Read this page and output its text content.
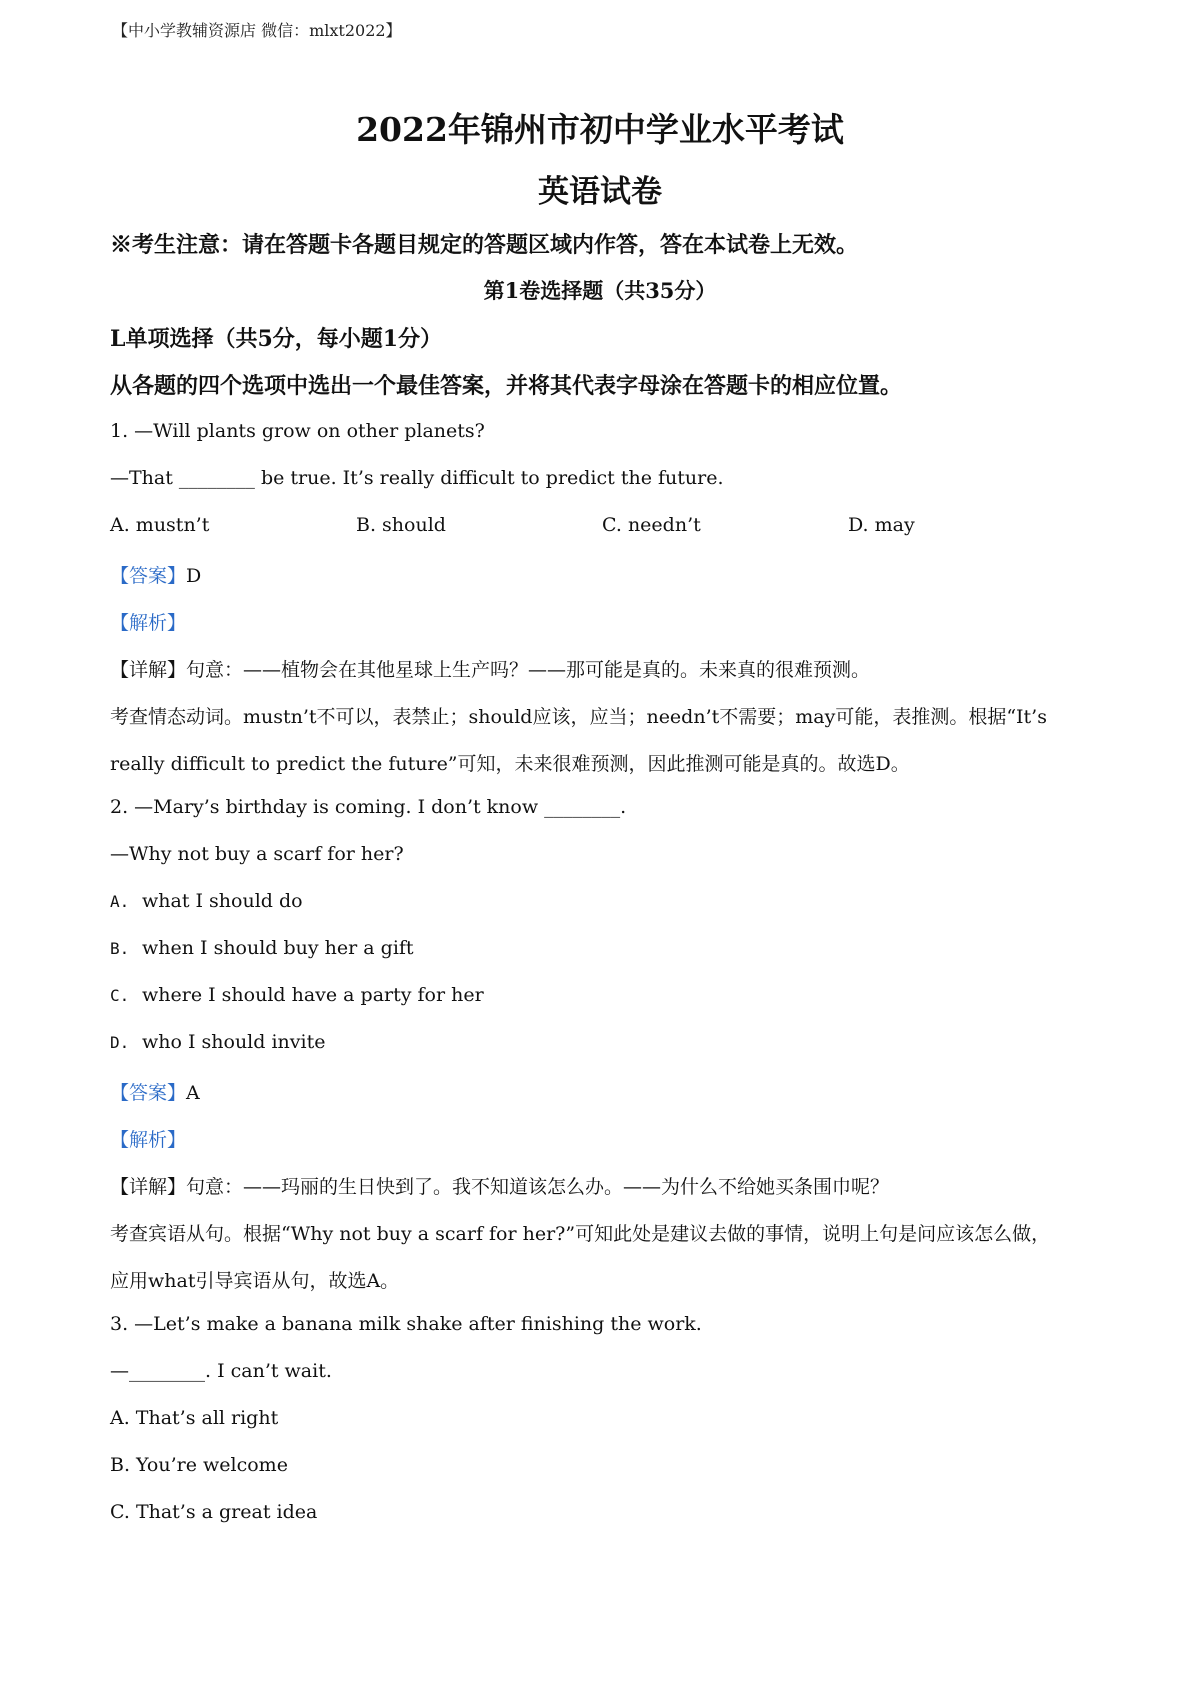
【中小学教辅资源店 微信：mlxt2022】
2022年锦州市初中学业水平考试
英语试卷
※考生注意：请在答题卡各题目规定的答题区域内作答，答在本试卷上无效。
第1卷选择题（共35分）
L单项选择（共5分，每小题1分）
从各题的四个选项中选出一个最佳答案，并将其代表字母涂在答题卡的相应位置。
1. —Will plants grow on other planets?
—That ________ be true. It’s really difficult to predict the future.
A. mustn’t	B. should	C. needn’t	D. may
【答案】D
【解析】
【详解】句意：——植物会在其他星球上生产吗？——那可能是真的。未来真的很难预测。
考查情态动词。mustn’t不可以，表禁止；should应该，应当；needn’t不需要；may可能，表推测。根据“It’s
really difficult to predict the future”可知，未来很难预测，因此推测可能是真的。故选D。
2. —Mary’s birthday is coming. I don’t know ________.
—Why not buy a scarf for her?
A. what I should do
B. when I should buy her a gift
C. where I should have a party for her
D. who I should invite
【答案】A
【解析】
【详解】句意：——玛丽的生日快到了。我不知道该怎么办。——为什么不给她买条围巾呢？
考查宾语从句。根据“Why not buy a scarf for her?”可知此处是建议去做的事情，说明上句是问应该怎么做，
应用what引导宾语从句，故选A。
3. —Let’s make a banana milk shake after finishing the work.
—________. I can’t wait.
A. That’s all right
B. You’re welcome
C. That’s a great idea
